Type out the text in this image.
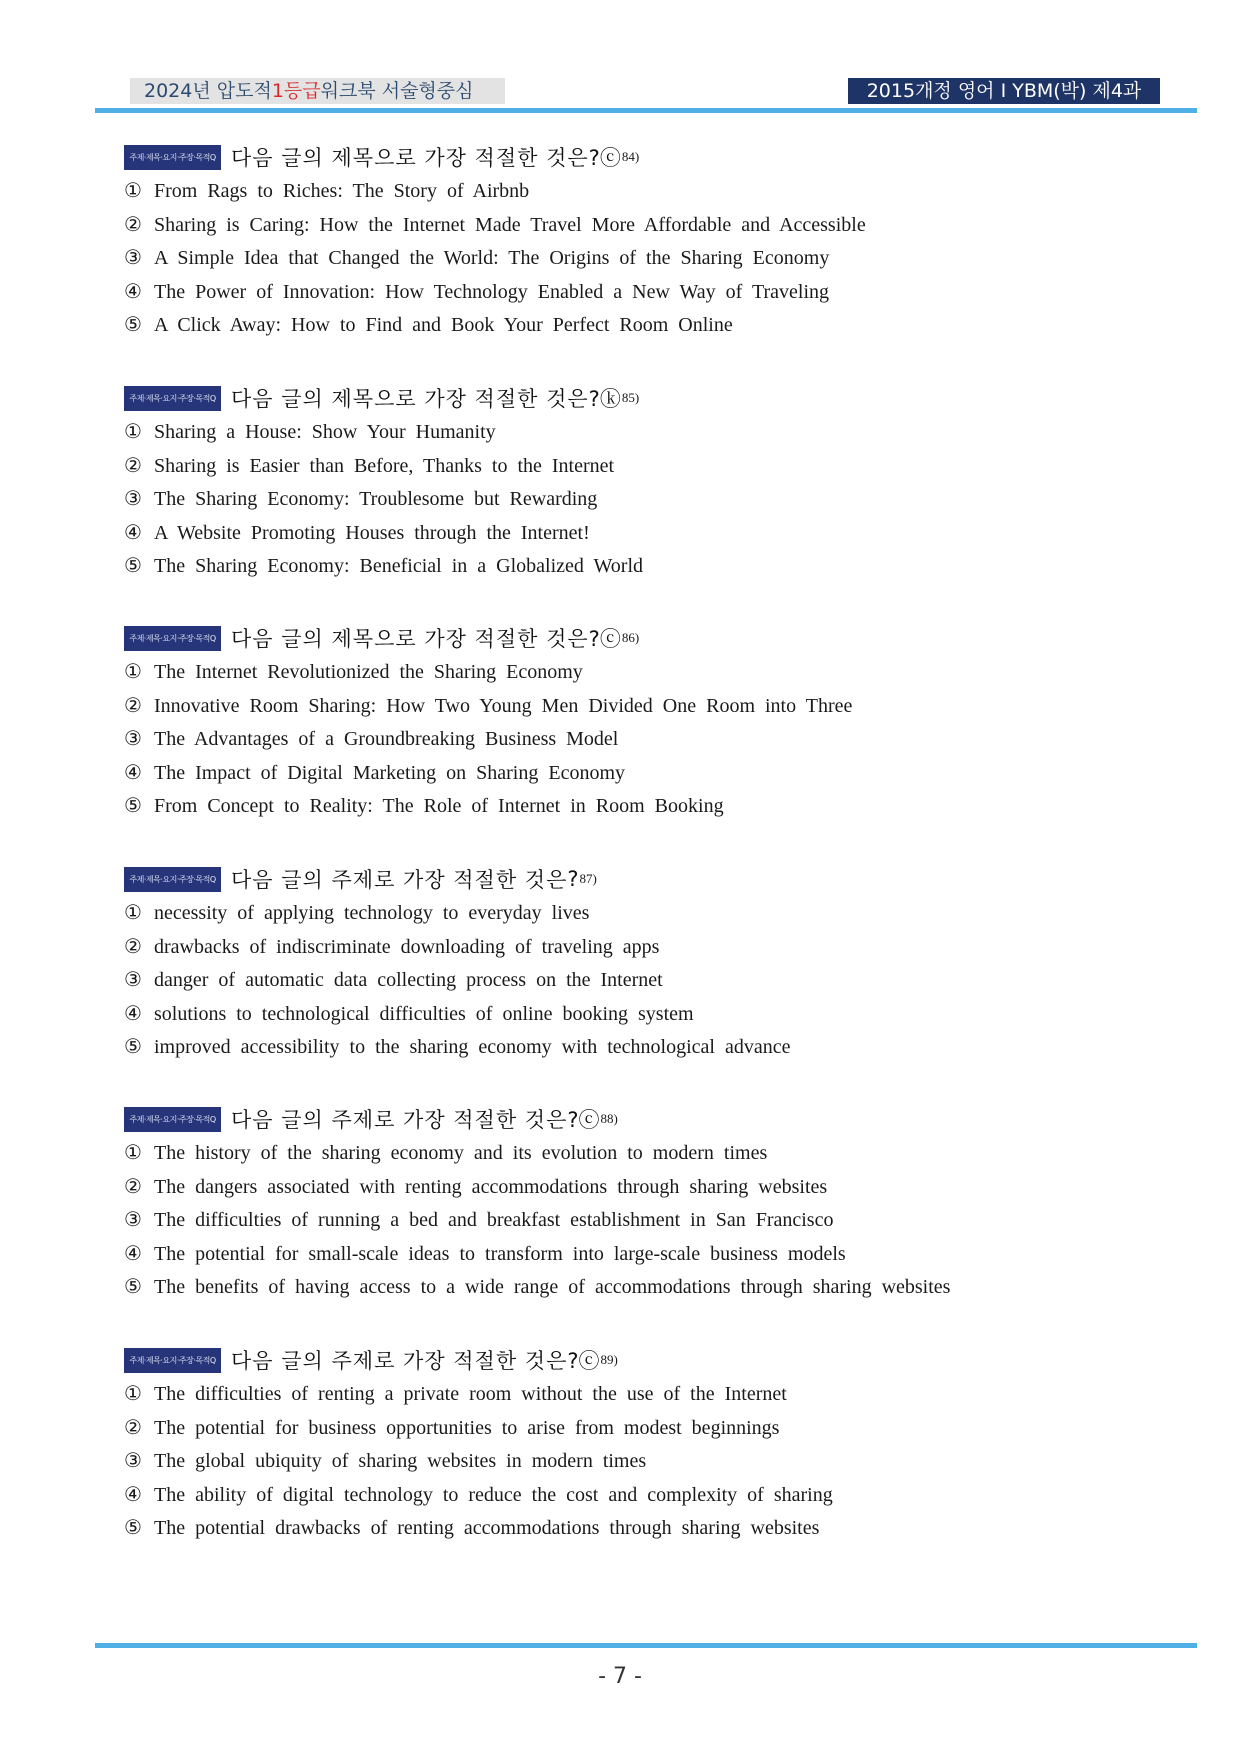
2024년 압도적1등급워크북 서술형중심	2015개정 영어 I YBM(박) 제4과
주제·제목·요지·주장·목적Q 다음 글의 제목으로 가장 적절한 것은 ?ⓒ 84)
① From Rags to Riches: The Story of Airbnb
② Sharing is Caring: How the Internet Made Travel More Affordable and Accessible
③ A Simple Idea that Changed the World: The Origins of the Sharing Economy
④ The Power of Innovation: How Technology Enabled a New Way of Traveling
⑤ A Click Away: How to Find and Book Your Perfect Room Online
주제·제목·요지·주장·목적Q 다음 글의 제목으로 가장 적절한 것은 ?ⓚ 85)
① Sharing a House: Show Your Humanity
② Sharing is Easier than Before, Thanks to the Internet
③ The Sharing Economy: Troublesome but Rewarding
④ A Website Promoting Houses through the Internet!
⑤ The Sharing Economy: Beneficial in a Globalized World
주제·제목·요지·주장·목적Q 다음 글의 제목으로 가장 적절한 것은 ?ⓒ 86)
① The Internet Revolutionized the Sharing Economy
② Innovative Room Sharing: How Two Young Men Divided One Room into Three
③ The Advantages of a Groundbreaking Business Model
④ The Impact of Digital Marketing on Sharing Economy
⑤ From Concept to Reality: The Role of Internet in Room Booking
주제·제목·요지·주장·목적Q 다음 글의 주제로 가장 적절한 것은 ? 87)
① necessity of applying technology to everyday lives
② drawbacks of indiscriminate downloading of traveling apps
③ danger of automatic data collecting process on the Internet
④ solutions to technological difficulties of online booking system
⑤ improved accessibility to the sharing economy with technological advance
주제·제목·요지·주장·목적Q 다음 글의 주제로 가장 적절한 것은 ?ⓒ 88)
① The history of the sharing economy and its evolution to modern times
② The dangers associated with renting accommodations through sharing websites
③ The difficulties of running a bed and breakfast establishment in San Francisco
④ The potential for small-scale ideas to transform into large-scale business models
⑤ The benefits of having access to a wide range of accommodations through sharing websites
주제·제목·요지·주장·목적Q 다음 글의 주제로 가장 적절한 것은 ?ⓒ 89)
① The difficulties of renting a private room without the use of the Internet
② The potential for business opportunities to arise from modest beginnings
③ The global ubiquity of sharing websites in modern times
④ The ability of digital technology to reduce the cost and complexity of sharing
⑤ The potential drawbacks of renting accommodations through sharing websites
- 7 -
